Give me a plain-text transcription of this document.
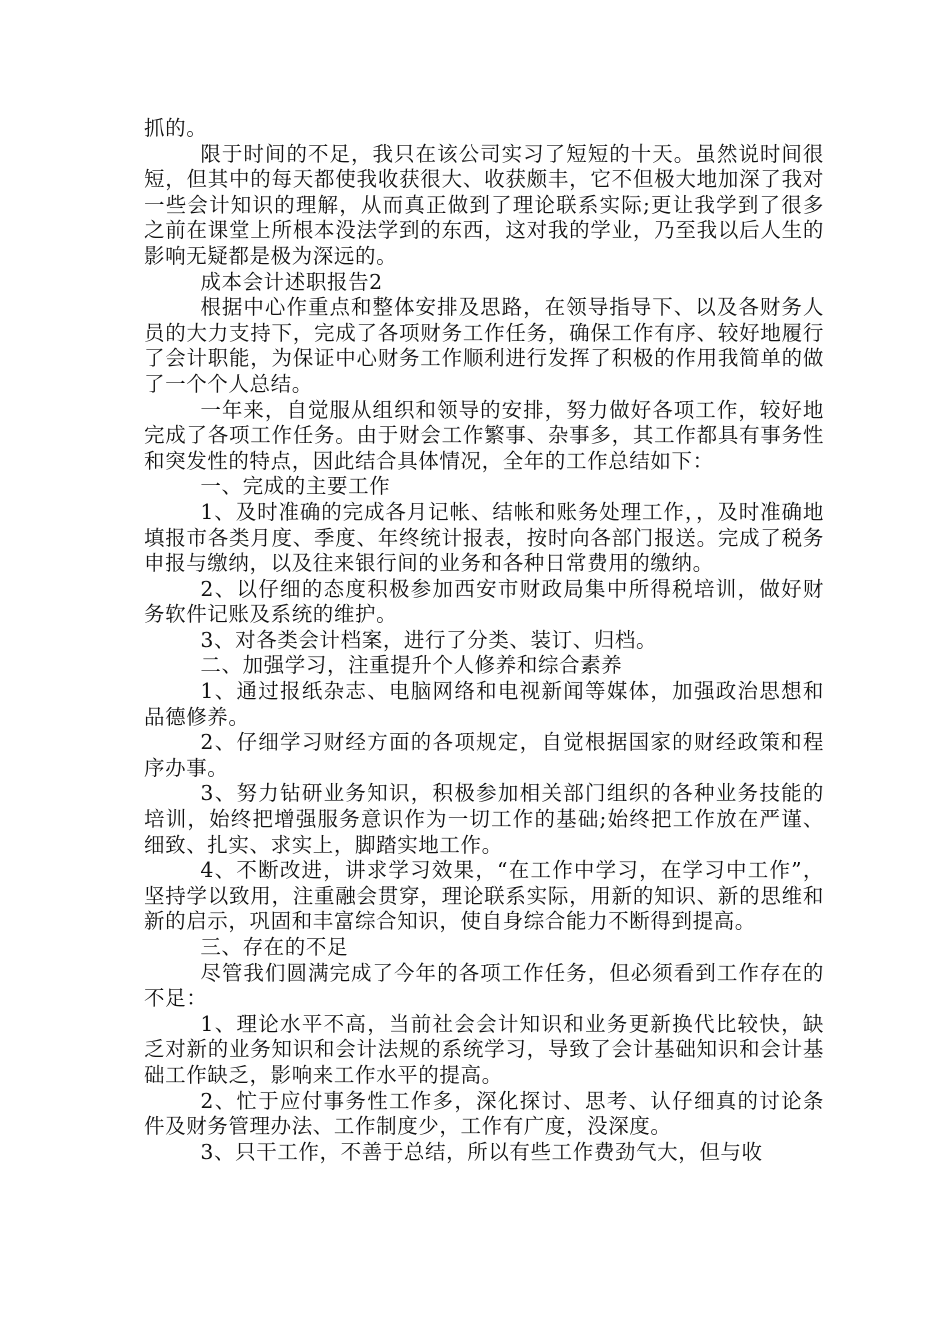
抓的。

限于时间的不足，我只在该公司实习了短短的十天。虽然说时间很短，但其中的每天都使我收获很大、收获颇丰，它不但极大地加深了我对一些会计知识的理解，从而真正做到了理论联系实际;更让我学到了很多之前在课堂上所根本没法学到的东西，这对我的学业，乃至我以后人生的影响无疑都是极为深远的。

成本会计述职报告2

根据中心作重点和整体安排及思路，在领导指导下、以及各财务人员的大力支持下，完成了各项财务工作任务，确保工作有序、较好地履行了会计职能，为保证中心财务工作顺利进行发挥了积极的作用我简单的做了一个个人总结。

一年来，自觉服从组织和领导的安排，努力做好各项工作，较好地完成了各项工作任务。由于财会工作繁事、杂事多，其工作都具有事务性和突发性的特点，因此结合具体情况，全年的工作总结如下：

一、完成的主要工作

1、及时准确的完成各月记帐、结帐和账务处理工作，，及时准确地填报市各类月度、季度、年终统计报表，按时向各部门报送。完成了税务申报与缴纳，以及往来银行间的业务和各种日常费用的缴纳。

2、以仔细的态度积极参加西安市财政局集中所得税培训，做好财务软件记账及系统的维护。

3、对各类会计档案，进行了分类、装订、归档。

二、加强学习，注重提升个人修养和综合素养

1、通过报纸杂志、电脑网络和电视新闻等媒体，加强政治思想和品德修养。

2、仔细学习财经方面的各项规定，自觉根据国家的财经政策和程序办事。

3、努力钻研业务知识，积极参加相关部门组织的各种业务技能的培训，始终把增强服务意识作为一切工作的基础;始终把工作放在严谨、细致、扎实、求实上，脚踏实地工作。

4、不断改进，讲求学习效果，“在工作中学习，在学习中工作”，坚持学以致用，注重融会贯穿，理论联系实际，用新的知识、新的思维和新的启示，巩固和丰富综合知识，使自身综合能力不断得到提高。

三、存在的不足

尽管我们圆满完成了今年的各项工作任务，但必须看到工作存在的不足：

1、理论水平不高，当前社会会计知识和业务更新换代比较快，缺乏对新的业务知识和会计法规的系统学习，导致了会计基础知识和会计基础工作缺乏，影响来工作水平的提高。

2、忙于应付事务性工作多，深化探讨、思考、认仔细真的讨论条件及财务管理办法、工作制度少，工作有广度，没深度。

3、只干工作，不善于总结，所以有些工作费劲气大，但与收
